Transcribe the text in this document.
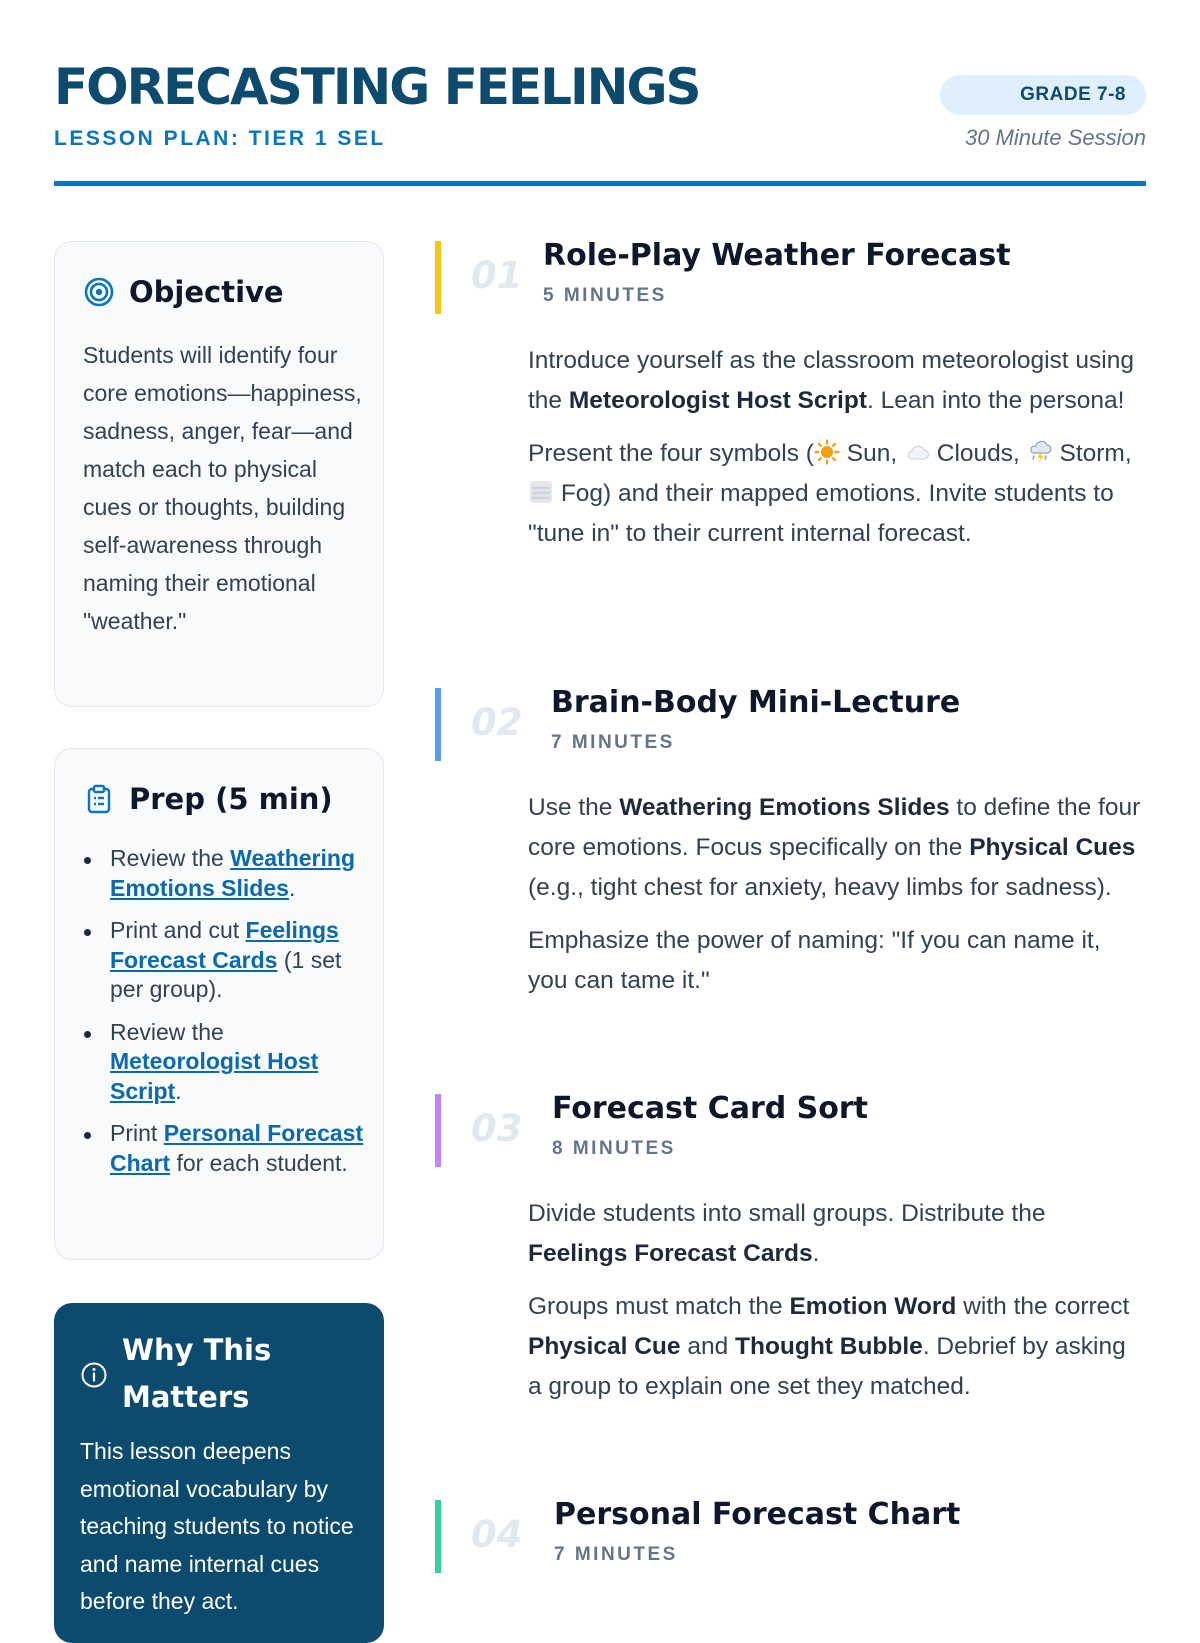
FORECASTING FEELINGS
LESSON PLAN: TIER 1 SEL
GRADE 7-8
30 Minute Session
Objective
Students will identify four core emotions—happiness, sadness, anger, fear—and match each to physical cues or thoughts, building self-awareness through naming their emotional "weather."
Prep (5 min)
Review the Weathering Emotions Slides.
Print and cut Feelings Forecast Cards (1 set per group).
Review the Meteorologist Host Script.
Print Personal Forecast Chart for each student.
Why This Matters
This lesson deepens emotional vocabulary by teaching students to notice and name internal cues before they act.
01 Role-Play Weather Forecast
5 MINUTES

Introduce yourself as the classroom meteorologist using the Meteorologist Host Script. Lean into the persona!

Present the four symbols ( Sun, Clouds, Storm,
Fog) and their mapped emotions. Invite students to "tune in" to their current internal forecast.

02 Brain-Body Mini-Lecture
7 MINUTES

Use the Weathering Emotions Slides to define the four core emotions. Focus specifically on the Physical Cues (e.g., tight chest for anxiety, heavy limbs for sadness).

Emphasize the power of naming: "If you can name it, you can tame it."

03 Forecast Card Sort
8 MINUTES

Divide students into small groups. Distribute the Feelings Forecast Cards.

Groups must match the Emotion Word with the correct Physical Cue and Thought Bubble. Debrief by asking a group to explain one set they matched.

04 Personal Forecast Chart
7 MINUTES
